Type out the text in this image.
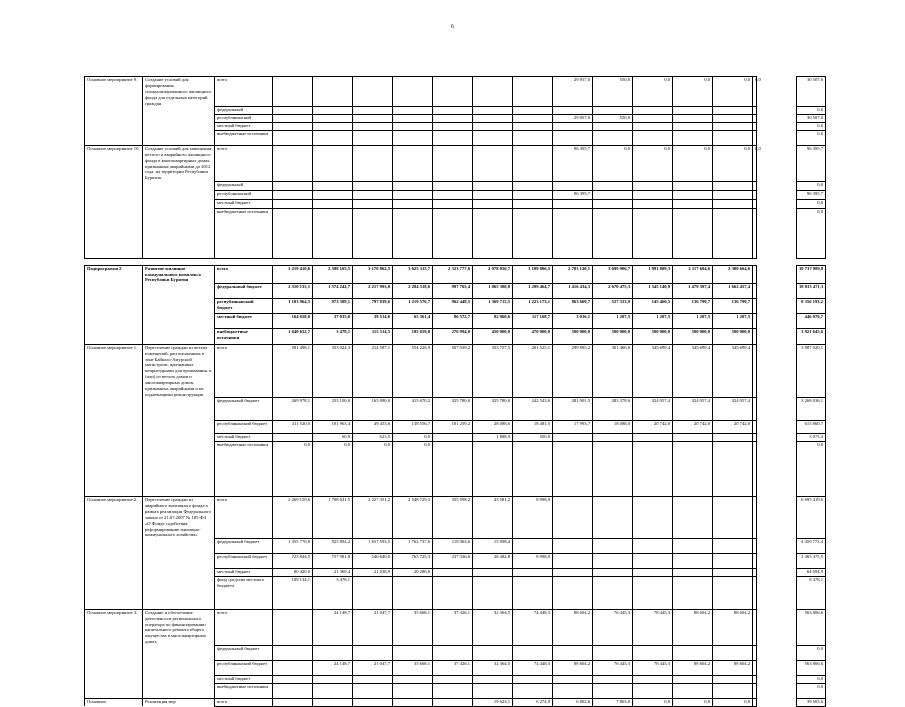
6
Основное мероприятие 9.	Создание условий для формирования специализированного жилищного фонда для отдельных категорий граждан	всего								29 957,0	550,0	0,0	0,0	0,0	0,0		30 507,0
		федеральный															0,0
		республиканский								29 957,0	550,0						30 507,0
		местный бюджет															0,0
		внебюджетные источники															0,0
Основное мероприятие 10.	Создание условий для замещения ветхого и аварийного жилищного фонда в многоквартирных домах, признанных аварийными до 2012 года, на территории Республики Бурятия	всего								96 395,7	0,0	0,0	0,0	0,0	0,0		96 395,7
		федеральный															0,0
		республиканский								96 395,7							96 395,7
		местный бюджет															0,0
		внебюджетные источники															0,0

Подпрограмма 2	Развитие жилищно-коммунального комплекса Республики Бурятия	всего	3 219 410,6	2 588 165,5	3 170 862,5	3 625 315,7	2 323 777,6	2 978 056,7	3 109 806,5	2 783 120,1	3 699 906,7	1 991 809,3	2 117 604,6	2 300 664,6			30 737 989,8
		федеральный бюджет	2 310 135,1	1 574 242,7	2 217 993,8	2 284 518,6	997 765,4	1 065 380,8	1 299 464,7	1 416 434,3	2 670 475,3	1 345 140,9	1 479 397,4	1 662 457,4			18 013 471,3
		республиканский бюджет	1 103 964,5	973 389,1	797 839,6	1 219 576,7	962 448,5	1 369 715,5	1 223 173,1	863 669,7	527 323,9	145 460,5	136 799,7	136 799,7			8 356 193,2
		местный бюджет	164 658,6	37 035,6	39 514,6	65 361,4	86 572,7	92 960,6	117 168,7	3 016,1	1 207,5	1 207,5	1 207,5	1 207,5			446 079,7
		внебюджетные источники	1 640 652,7	3 478,1	115 514,5	105 659,0	276 994,0	450 000,0	470 000,0	500 000,0	500 000,0	500 000,0	500 000,0	500 000,0			3 921 645,6
Основное мероприятие 1.	Переселение граждан из ветхих помещений, расположенных в зоне Байкало-Амурской магистрали, признанных непригодными для проживания, и (или) из ветхих домов и многоквартирных домов, признанных аварийными и не подлежащими реконструкции	всего	581 498,1	353 024,3	214 587,1	554 226,9	507 039,2	353 757,5	261 525,1	299 895,2	301 466,6	345 699,4	345 699,4	345 699,4			3 887 020,1
		федеральный бюджет	269 978,1	253 100,0	165 090,0	415 670,2	325 780,0	325 780,0	242 543,6	281 901,5	283 378,6	324 957,4	324 957,4	324 957,4			3 268 036,1
		республиканский бюджет	311 520,0	101 963,4	49 453,6	138 556,7	181 259,2	28 088,6	18 481,5	17 993,7	18 088,0	20 742,0	20 742,0	20 742,0			615 860,7
		местный бюджет		60,9	623,5	0,0		1 888,9	500,0								3 073,3
		внебюджетные источники	0,0	0,0	0,0	0,0											0,0
Основное мероприятие 2.	Переселение граждан из аварийного жилищного фонда в рамках реализации Федерального закона от 21.07.2007 № 185-ФЗ «О Фонде содействия реформированию жилищно-коммунального хозяйства»	всего	2 269 159,6	1 708 631,5	2 227 351,2	2 548 729,3	355 598,2	43 581,2	8 998,0								6 695 419,6
		федеральный бюджет	1 355 770,0	925 892,2	1 657 593,5	1 762 737,6	118 963,6	15 098,4									4 459 773,4
		республиканский бюджет	723 844,5	757 981,8	546 640,0	765 725,3	237 336,6	28 482,8	8 998,0								2 365 475,5
		местный бюджет	80 420,0	21 369,4	21 038,9	20 286,6											64 694,9
		фонд средства местного бюджета	109 134,1	3 478,1													8 478,1
Основное мероприятие 3.	Создание и обеспечение деятельности регионального оператора по финансированию капитального ремонта общего имущества в многоквартирных домах	всего		24 148,7	21 047,7	35 668,1	37 426,1	32 364,5	74 448,3	88 604,2	76 445,3	78 445,3	88 604,2	88 604,2			563 806,6
		федеральный бюджет															0,0
		республиканский бюджет		24 148,7	21 047,7	35 668,1	37 426,1	32 364,5	74 448,3	88 604,2	76 445,3	78 445,3	88 604,2	88 604,2			563 806,6
		местный бюджет															0,0
		внебюджетные источники															0,0
Основное	Реализация мер	всего						19 623,1	6 274,9	6 802,6	7 803,0	0,0	0,0	0,0			39 505,6
